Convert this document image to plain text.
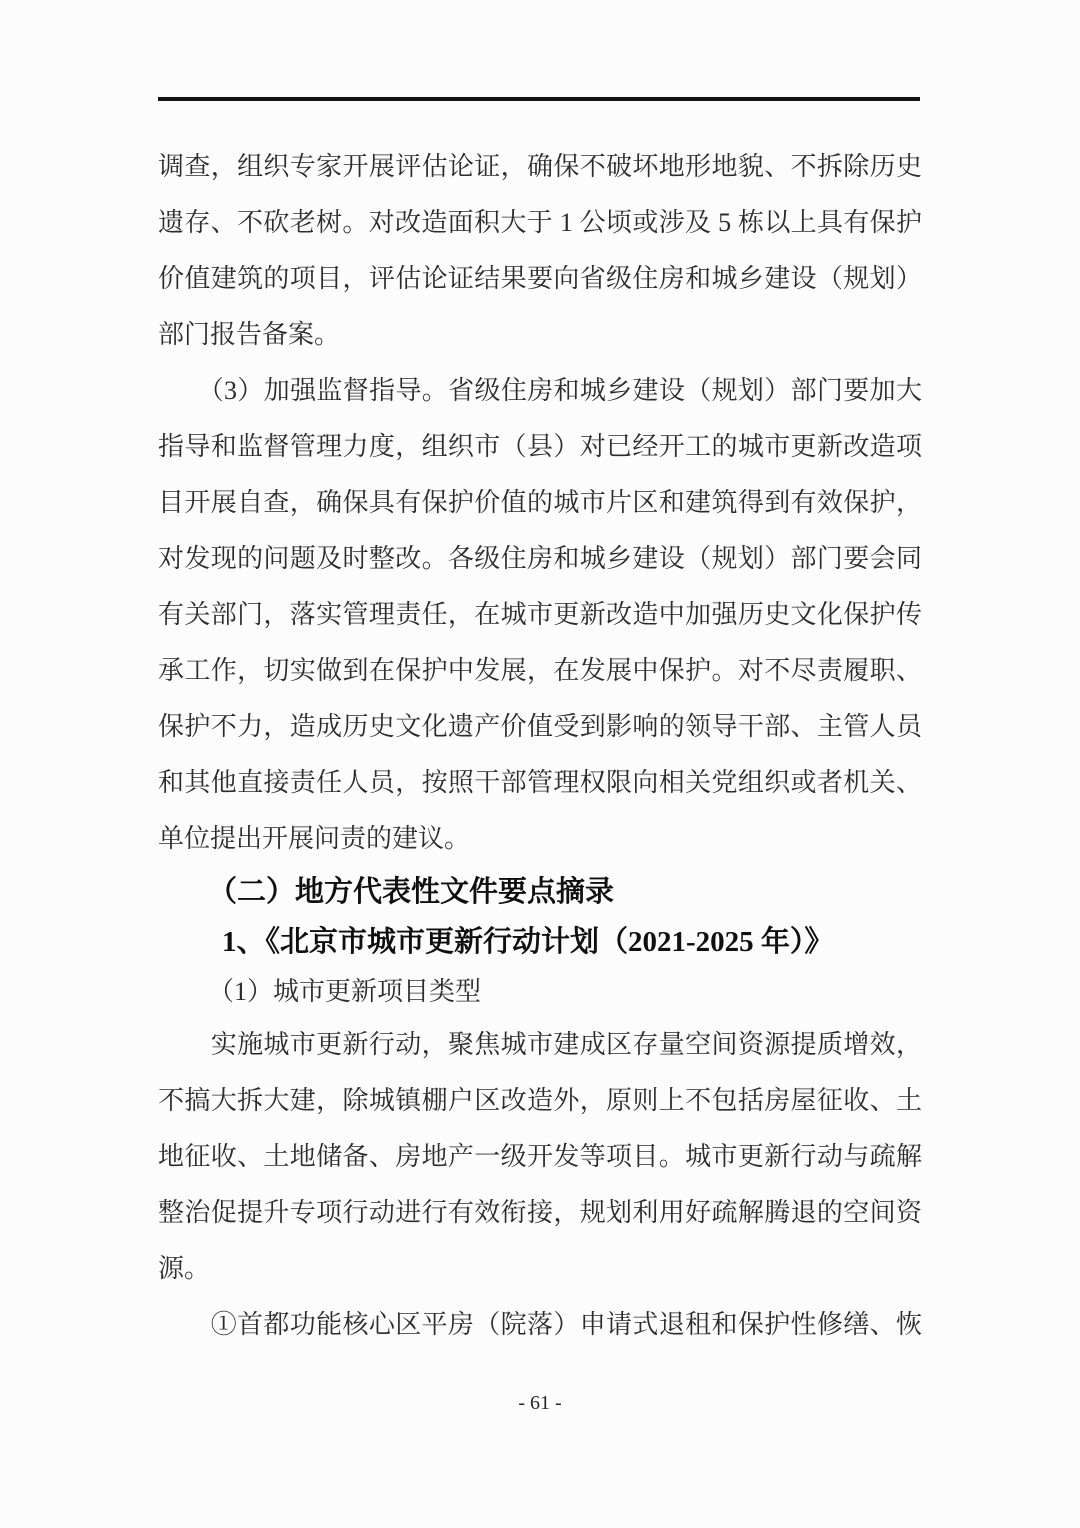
调查，组织专家开展评估论证，确保不破坏地形地貌、不拆除历史
遗存、不砍老树。对改造面积大于 1 公顷或涉及 5 栋以上具有保护
价值建筑的项目，评估论证结果要向省级住房和城乡建设（规划）
部门报告备案。
　　（3）加强监督指导。省级住房和城乡建设（规划）部门要加大
指导和监督管理力度，组织市（县）对已经开工的城市更新改造项
目开展自查，确保具有保护价值的城市片区和建筑得到有效保护，
对发现的问题及时整改。各级住房和城乡建设（规划）部门要会同
有关部门，落实管理责任，在城市更新改造中加强历史文化保护传
承工作，切实做到在保护中发展，在发展中保护。对不尽责履职、
保护不力，造成历史文化遗产价值受到影响的领导干部、主管人员
和其他直接责任人员，按照干部管理权限向相关党组织或者机关、
单位提出开展问责的建议。
（二）地方代表性文件要点摘录
1、《北京市城市更新行动计划（2021-2025 年）》
（1）城市更新项目类型
　　实施城市更新行动，聚焦城市建成区存量空间资源提质增效，
不搞大拆大建，除城镇棚户区改造外，原则上不包括房屋征收、土
地征收、土地储备、房地产一级开发等项目。城市更新行动与疏解
整治促提升专项行动进行有效衔接，规划利用好疏解腾退的空间资
源。
　　①首都功能核心区平房（院落）申请式退租和保护性修缮、恢
- 61 -
